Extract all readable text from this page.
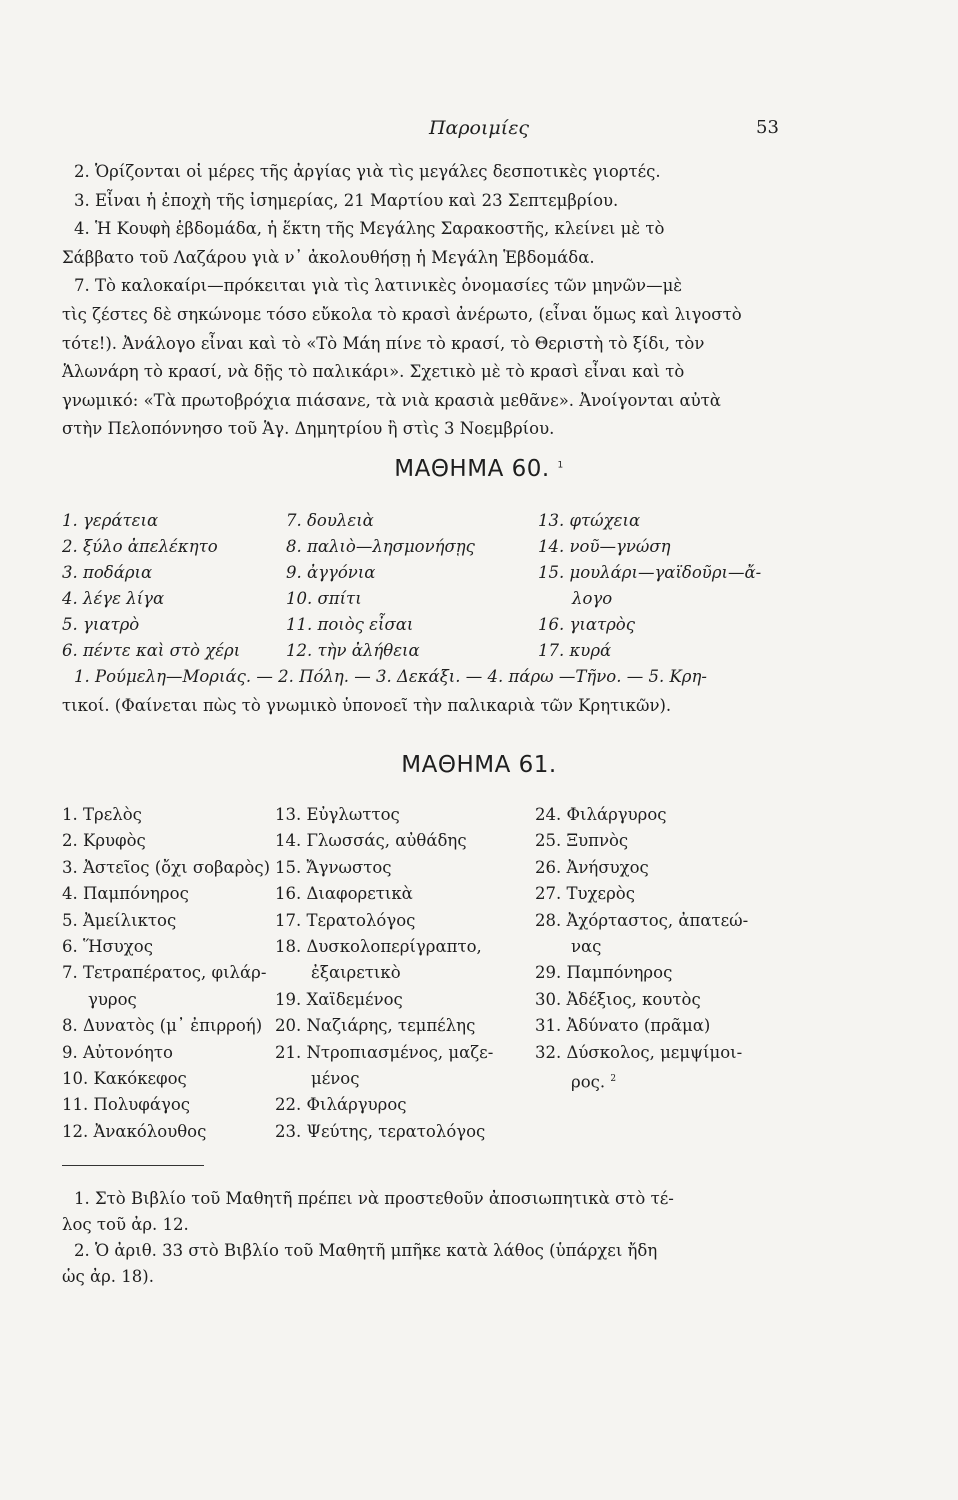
Παροιμίες	53

2. Ὁρίζονται οἱ μέρες τῆς ἀργίας γιὰ τὶς μεγάλες δεσποτικὲς γιορτές.

3. Εἶναι ἡ ἐποχὴ τῆς ἰσημερίας, 21 Μαρτίου καὶ 23 Σεπτεμβρίου.

4. Ἡ Κουφὴ ἑβδομάδα, ἡ ἕκτη τῆς Μεγάλης Σαρακοστῆς, κλείνει μὲ τὸ

Σάββατο τοῦ Λαζάρου γιὰ ν᾽ ἀκολουθήσῃ ἡ Μεγάλη Ἑβδομάδα.

7. Τὸ καλοκαίρι—πρόκειται γιὰ τὶς λατινικὲς ὀνομασίες τῶν μηνῶν—μὲ

τὶς ζέστες δὲ σηκώνομε τόσο εὔκολα τὸ κρασὶ ἀνέρωτο, (εἶναι ὅμως καὶ λιγοστὸ

τότε!). Ἀνάλογο εἶναι καὶ τὸ «Τὸ Μάη πίνε τὸ κρασί, τὸ Θεριστὴ τὸ ξίδι, τὸν

Ἁλωνάρη τὸ κρασί, νὰ δῇς τὸ παλικάρι». Σχετικὸ μὲ τὸ κρασὶ εἶναι καὶ τὸ

γνωμικό: «Τὰ πρωτοβρόχια πιάσανε, τὰ νιὰ κρασιὰ μεθᾶνε». Ἀνοίγονται αὐτὰ

στὴν Πελοπόννησο τοῦ Ἁγ. Δημητρίου ἢ στὶς 3 Νοεμβρίου.

ΜΑΘΗΜΑ 60. $^1$
1. γεράτεια
2. ξύλο ἀπελέκητο
3. ποδάρια
4. λέγε λίγα
5. γιατρὸ
6. πέντε καὶ στὸ χέρι
7. δουλειὰ
8. παλιὸ—λησμονήσῃς
9. ἀγγόνια
10. σπίτι
11. ποιὸς εἶσαι
12. τὴν ἀλήθεια
13. φτώχεια
14. νοῦ—γνώση
15. μουλάρι—γαϊδοῦρι—ἄ-
λογο
16. γιατρὸς
17. κυρά

1. Ρούμελη—Μοριάς. — 2. Πόλη. — 3. Δεκάξι. — 4. πάρω —Τῆνο. — 5. Κρη-

τικοί. (Φαίνεται πὼς τὸ γνωμικὸ ὑπονοεῖ τὴν παλικαριὰ τῶν Κρητικῶν).

ΜΑΘΗΜΑ 61.
1. Τρελὸς
2. Κρυφὸς
3. Ἀστεῖος (ὄχι σοβαρὸς)
4. Παμπόνηρος
5. Ἀμείλικτος
6. Ἥσυχος
7. Τετραπέρατος, φιλάρ-
γυρος
8. Δυνατὸς (μ᾽ ἐπιρροή)
9. Αὐτονόητο
10. Κακόκεφος
11. Πολυφάγος
12. Ἀνακόλουθος
13. Εὐγλωττος
14. Γλωσσάς, αὐθάδης
15. Ἄγνωστος
16. Διαφορετικὰ
17. Τερατολόγος
18. Δυσκολοπερίγραπτο,
ἐξαιρετικὸ
19. Χαϊδεμένος
20. Ναζιάρης, τεμπέλης
21. Ντροπιασμένος, μαζε-
μένος
22. Φιλάργυρος
23. Ψεύτης, τερατολόγος
24. Φιλάργυρος
25. Ξυπνὸς
26. Ἀνήσυχος
27. Τυχερὸς
28. Ἀχόρταστος, ἀπατεώ-
νας
29. Παμπόνηρος
30. Ἀδέξιος, κουτὸς
31. Ἀδύνατο (πρᾶμα)
32. Δύσκολος, μεμψίμοι-
ρος. $^2$

1. Στὸ Βιβλίο τοῦ Μαθητῆ πρέπει νὰ προστεθοῦν ἀποσιωπητικὰ στὸ τέ-

λος τοῦ ἀρ. 12.

2. Ὁ ἀριθ. 33 στὸ Βιβλίο τοῦ Μαθητῆ μπῆκε κατὰ λάθος (ὑπάρχει ἤδη

ὡς ἀρ. 18).
